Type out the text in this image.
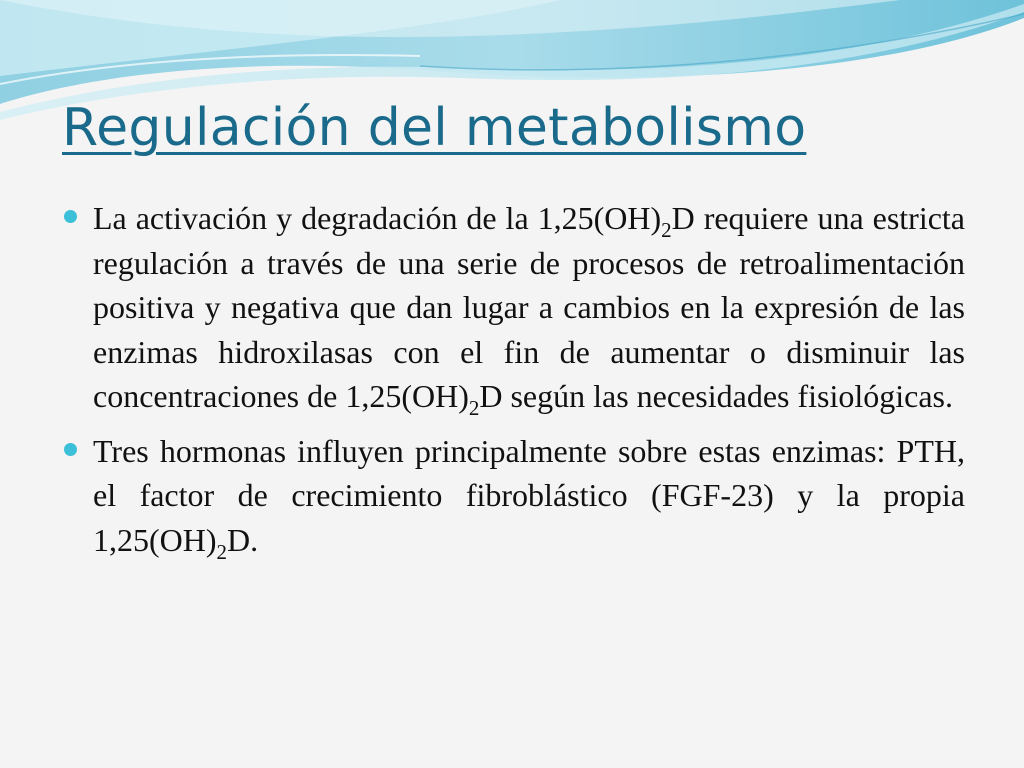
Regulación del metabolismo

La activación y degradación de la $1,25(OH)_2D$ requiere una estricta regulación a través de una serie de procesos de retroalimentación positiva y negativa que dan lugar a cambios en la expresión de las enzimas hidroxilasas con el fin de aumentar o disminuir las concentraciones de $1,25(OH)_2D$ según las necesidades fisiológicas.

Tres hormonas influyen principalmente sobre estas enzimas: PTH, el factor de crecimiento fibroblástico (FGF-23) y la propia $1,25(OH)_2D$.
